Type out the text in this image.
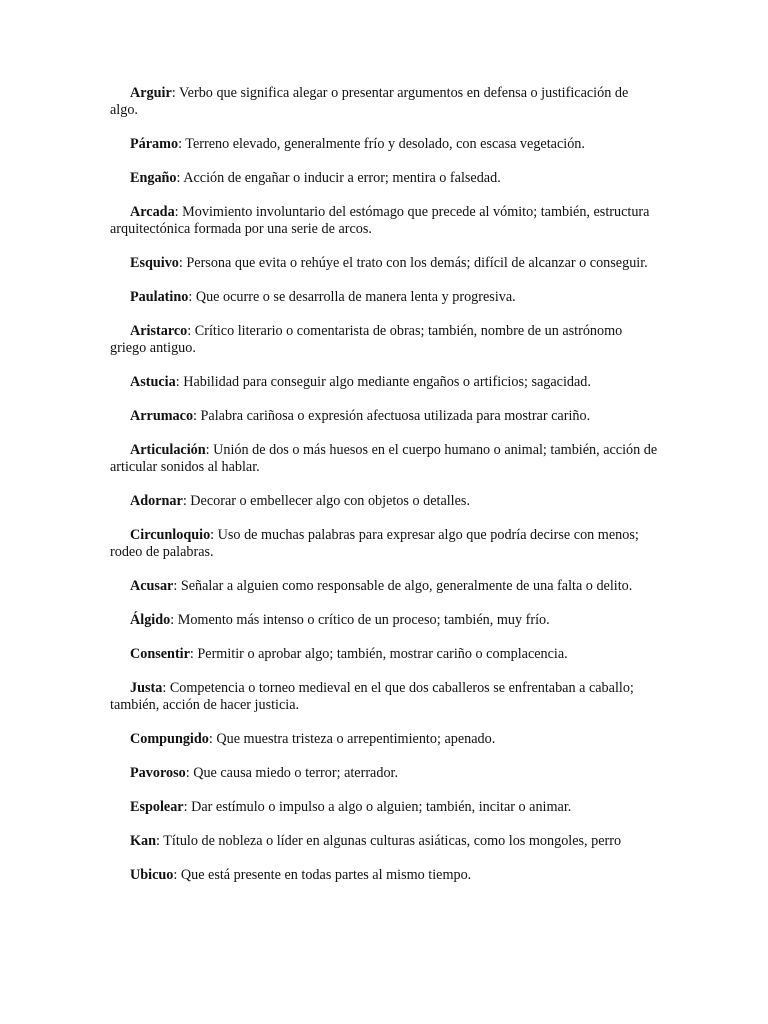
Arguir: Verbo que significa alegar o presentar argumentos en defensa o justificación de algo.

Páramo: Terreno elevado, generalmente frío y desolado, con escasa vegetación.

Engaño: Acción de engañar o inducir a error; mentira o falsedad.

Arcada: Movimiento involuntario del estómago que precede al vómito; también, estructura arquitectónica formada por una serie de arcos.

Esquivo: Persona que evita o rehúye el trato con los demás; difícil de alcanzar o conseguir.

Paulatino: Que ocurre o se desarrolla de manera lenta y progresiva.

Aristarco: Crítico literario o comentarista de obras; también, nombre de un astrónomo griego antiguo.

Astucia: Habilidad para conseguir algo mediante engaños o artificios; sagacidad.

Arrumaco: Palabra cariñosa o expresión afectuosa utilizada para mostrar cariño.

Articulación: Unión de dos o más huesos en el cuerpo humano o animal; también, acción de articular sonidos al hablar.

Adornar: Decorar o embellecer algo con objetos o detalles.

Circunloquio: Uso de muchas palabras para expresar algo que podría decirse con menos; rodeo de palabras.

Acusar: Señalar a alguien como responsable de algo, generalmente de una falta o delito.

Álgido: Momento más intenso o crítico de un proceso; también, muy frío.

Consentir: Permitir o aprobar algo; también, mostrar cariño o complacencia.

Justa: Competencia o torneo medieval en el que dos caballeros se enfrentaban a caballo; también, acción de hacer justicia.

Compungido: Que muestra tristeza o arrepentimiento; apenado.

Pavoroso: Que causa miedo o terror; aterrador.

Espolear: Dar estímulo o impulso a algo o alguien; también, incitar o animar.

Kan: Título de nobleza o líder en algunas culturas asiáticas, como los mongoles, perro

Ubicuo: Que está presente en todas partes al mismo tiempo.
